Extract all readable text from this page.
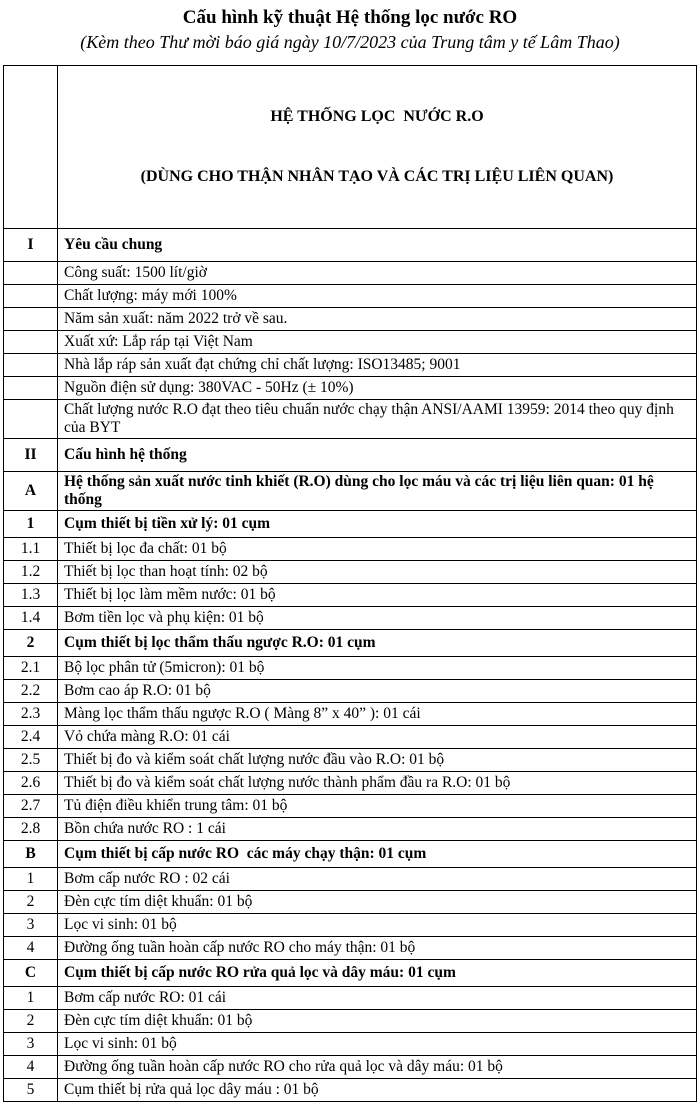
Cấu hình kỹ thuật Hệ thống lọc nước RO
(Kèm theo Thư mời báo giá ngày 10/7/2023 của Trung tâm y tế Lâm Thao)

	HỆ THỐNG LỌC  NƯỚC R.O

(DÙNG CHO THẬN NHÂN TẠO VÀ CÁC TRỊ LIỆU LIÊN QUAN)

I	Yêu cầu chung
	Công suất: 1500 lít/giờ
	Chất lượng: máy mới 100%
	Năm sản xuất: năm 2022 trở về sau.
	Xuất xứ: Lắp ráp tại Việt Nam
	Nhà lắp ráp sản xuất đạt chứng chỉ chất lượng: ISO13485; 9001
	Nguồn điện sử dụng: 380VAC - 50Hz (± 10%)
	Chất lượng nước R.O đạt theo tiêu chuẩn nước chạy thận ANSI/AAMI 13959: 2014 theo quy định của BYT
II	Cấu hình hệ thống
A	Hệ thống sản xuất nước tinh khiết (R.O) dùng cho lọc máu và các trị liệu liên quan: 01 hệ thống
1	Cụm thiết bị tiền xử lý: 01 cụm
1.1	Thiết bị lọc đa chất: 01 bộ
1.2	Thiết bị lọc than hoạt tính: 02 bộ
1.3	Thiết bị lọc làm mềm nước: 01 bộ
1.4	Bơm tiền lọc và phụ kiện: 01 bộ
2	Cụm thiết bị lọc thẩm thấu ngược R.O: 01 cụm
2.1	Bộ lọc phân tử (5micron): 01 bộ
2.2	Bơm cao áp R.O: 01 bộ
2.3	Màng lọc thẩm thấu ngược R.O ( Màng 8” x 40” ): 01 cái
2.4	Vỏ chứa màng R.O: 01 cái
2.5	Thiết bị đo và kiểm soát chất lượng nước đầu vào R.O: 01 bộ
2.6	Thiết bị đo và kiểm soát chất lượng nước thành phẩm đầu ra R.O: 01 bộ
2.7	Tủ điện điều khiển trung tâm: 01 bộ
2.8	Bồn chứa nước RO : 1 cái
B	Cụm thiết bị cấp nước RO  các máy chạy thận: 01 cụm
1	Bơm cấp nước RO : 02 cái
2	Đèn cực tím diệt khuẩn: 01 bộ
3	Lọc vi sinh: 01 bộ
4	Đường ống tuần hoàn cấp nước RO cho máy thận: 01 bộ
C	Cụm thiết bị cấp nước RO rửa quả lọc và dây máu: 01 cụm
1	Bơm cấp nước RO: 01 cái
2	Đèn cực tím diệt khuẩn: 01 bộ
3	Lọc vi sinh: 01 bộ
4	Đường ống tuần hoàn cấp nước RO cho rửa quả lọc và dây máu: 01 bộ
5	Cụm thiết bị rửa quả lọc dây máu : 01 bộ
